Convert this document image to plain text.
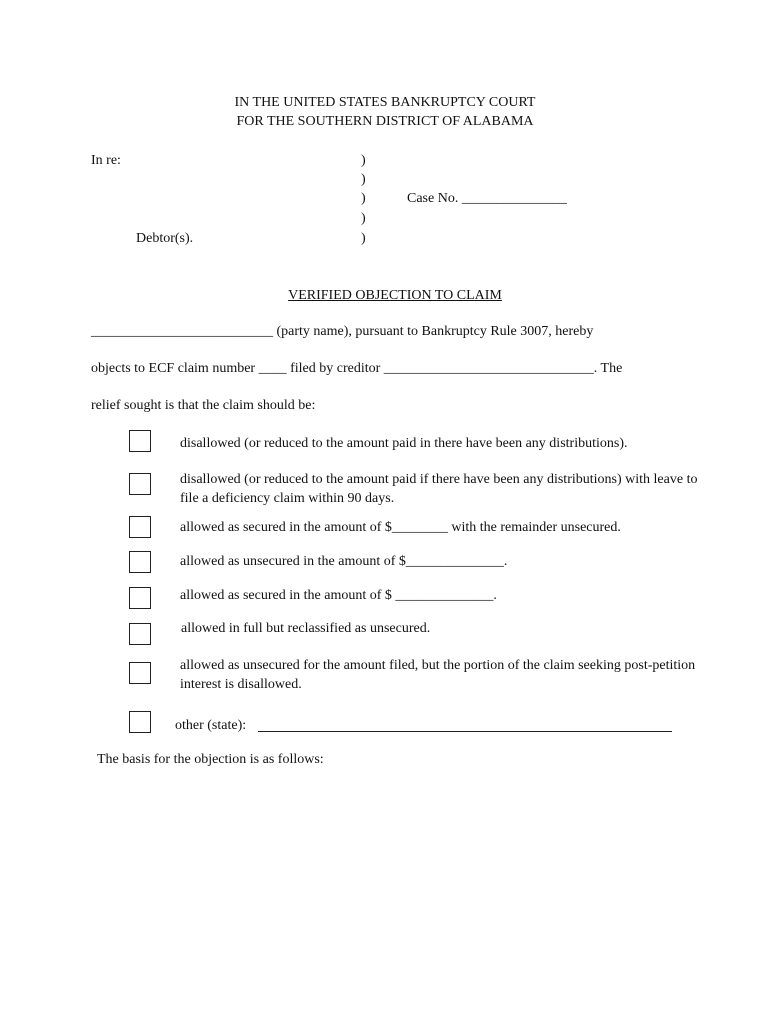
IN THE UNITED STATES BANKRUPTCY COURT
FOR THE SOUTHERN DISTRICT OF ALABAMA
In re:
Debtor(s).
)
)
)
)
)
Case No. _______________
VERIFIED OBJECTION TO CLAIM
__________________________ (party name), pursuant to Bankruptcy Rule 3007, hereby
objects to ECF claim number ____ filed by creditor ______________________________. The
relief sought is that the claim should be:
disallowed (or reduced to the amount paid in there have been any distributions).
disallowed (or reduced to the amount paid if there have been any distributions) with leave to
file a deficiency claim within 90 days.
allowed as secured in the amount of $________ with the remainder unsecured.
allowed as unsecured in the amount of $______________.
allowed as secured in the amount of $ ______________.
allowed in full but reclassified as unsecured.
allowed as unsecured for the amount filed, but the portion of the claim seeking post-petition
interest is disallowed.
other (state):
The basis for the objection is as follows:
